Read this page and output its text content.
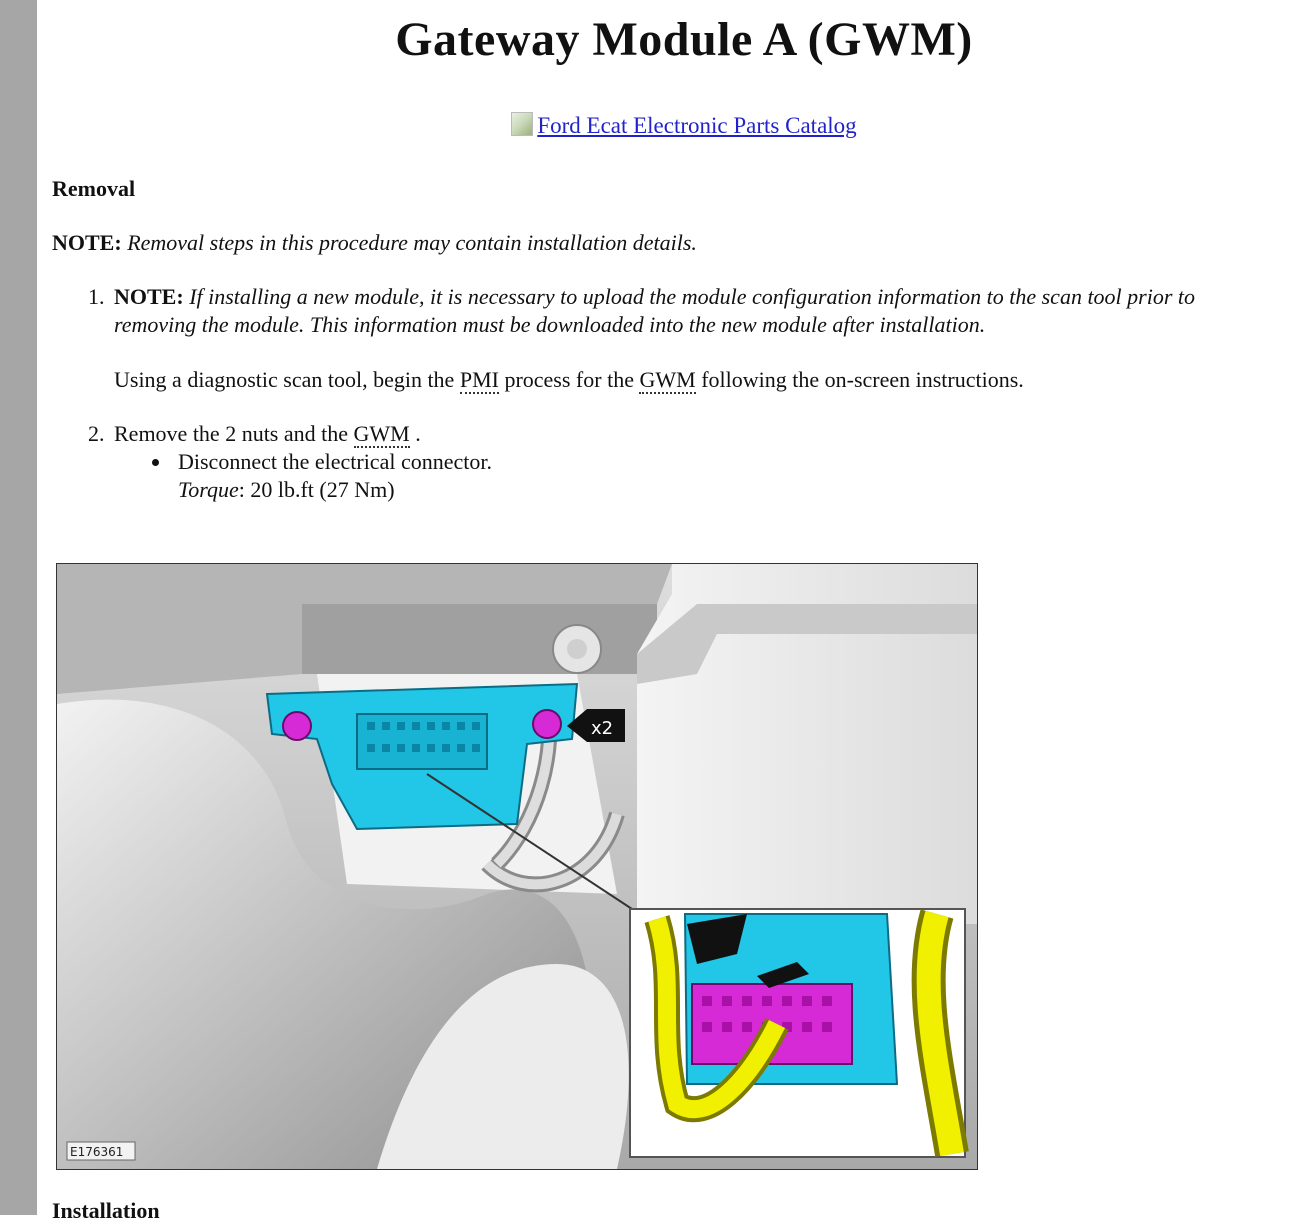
Gateway Module A (GWM)
Ford Ecat Electronic Parts Catalog
Removal
NOTE: Removal steps in this procedure may contain installation details.
1. NOTE: If installing a new module, it is necessary to upload the module configuration information to the scan tool prior to removing the module. This information must be downloaded into the new module after installation.
Using a diagnostic scan tool, begin the PMI process for the GWM following the on-screen instructions.
2. Remove the 2 nuts and the GWM .
Disconnect the electrical connector.
Torque: 20 lb.ft (27 Nm)
x2
E176361
Installation
